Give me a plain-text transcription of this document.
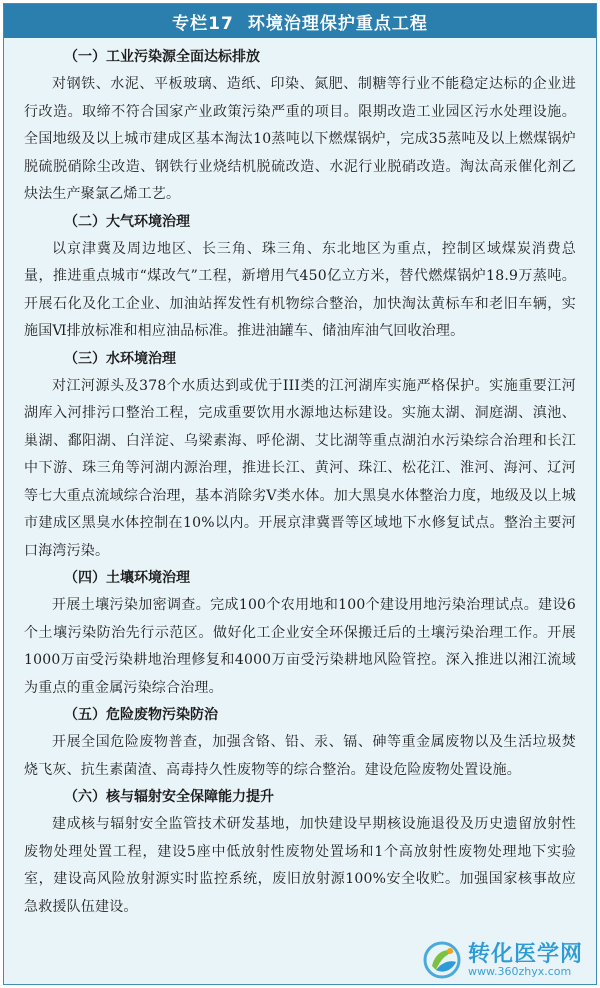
专栏17 环境治理保护重点工程
（一）工业污染源全面达标排放

对钢铁、水泥、平板玻璃、造纸、印染、氮肥、制糖等行业不能稳定达标的企业进行改造。取缔不符合国家产业政策污染严重的项目。限期改造工业园区污水处理设施。全国地级及以上城市建成区基本淘汰10蒸吨以下燃煤锅炉，完成35蒸吨及以上燃煤锅炉脱硫脱硝除尘改造、钢铁行业烧结机脱硫改造、水泥行业脱硝改造。淘汰高汞催化剂乙炔法生产聚氯乙烯工艺。

（二）大气环境治理

以京津冀及周边地区、长三角、珠三角、东北地区为重点，控制区域煤炭消费总量，推进重点城市“煤改气”工程，新增用气450亿立方米，替代燃煤锅炉18.9万蒸吨。开展石化及化工企业、加油站挥发性有机物综合整治，加快淘汰黄标车和老旧车辆，实施国Ⅵ排放标准和相应油品标准。推进油罐车、储油库油气回收治理。

（三）水环境治理

对江河源头及378个水质达到或优于III类的江河湖库实施严格保护。实施重要江河湖库入河排污口整治工程，完成重要饮用水源地达标建设。实施太湖、洞庭湖、滇池、巢湖、鄱阳湖、白洋淀、乌梁素海、呼伦湖、艾比湖等重点湖泊水污染综合治理和长江中下游、珠三角等河湖内源治理，推进长江、黄河、珠江、松花江、淮河、海河、辽河等七大重点流域综合治理，基本消除劣Ⅴ类水体。加大黑臭水体整治力度，地级及以上城市建成区黑臭水体控制在10%以内。开展京津冀晋等区域地下水修复试点。整治主要河口海湾污染。

（四）土壤环境治理

开展土壤污染加密调查。完成100个农用地和100个建设用地污染治理试点。建设6个土壤污染防治先行示范区。做好化工企业安全环保搬迁后的土壤污染治理工作。开展1000万亩受污染耕地治理修复和4000万亩受污染耕地风险管控。深入推进以湘江流域为重点的重金属污染综合治理。

（五）危险废物污染防治

开展全国危险废物普查，加强含铬、铅、汞、镉、砷等重金属废物以及生活垃圾焚烧飞灰、抗生素菌渣、高毒持久性废物等的综合整治。建设危险废物处置设施。

（六）核与辐射安全保障能力提升

建成核与辐射安全监管技术研发基地，加快建设早期核设施退役及历史遗留放射性废物处理处置工程，建设5座中低放射性废物处置场和1个高放射性废物处理地下实验室，建设高风险放射源实时监控系统，废旧放射源100%安全收贮。加强国家核事故应急救援队伍建设。

转化医学网
www.360zhyx.com
